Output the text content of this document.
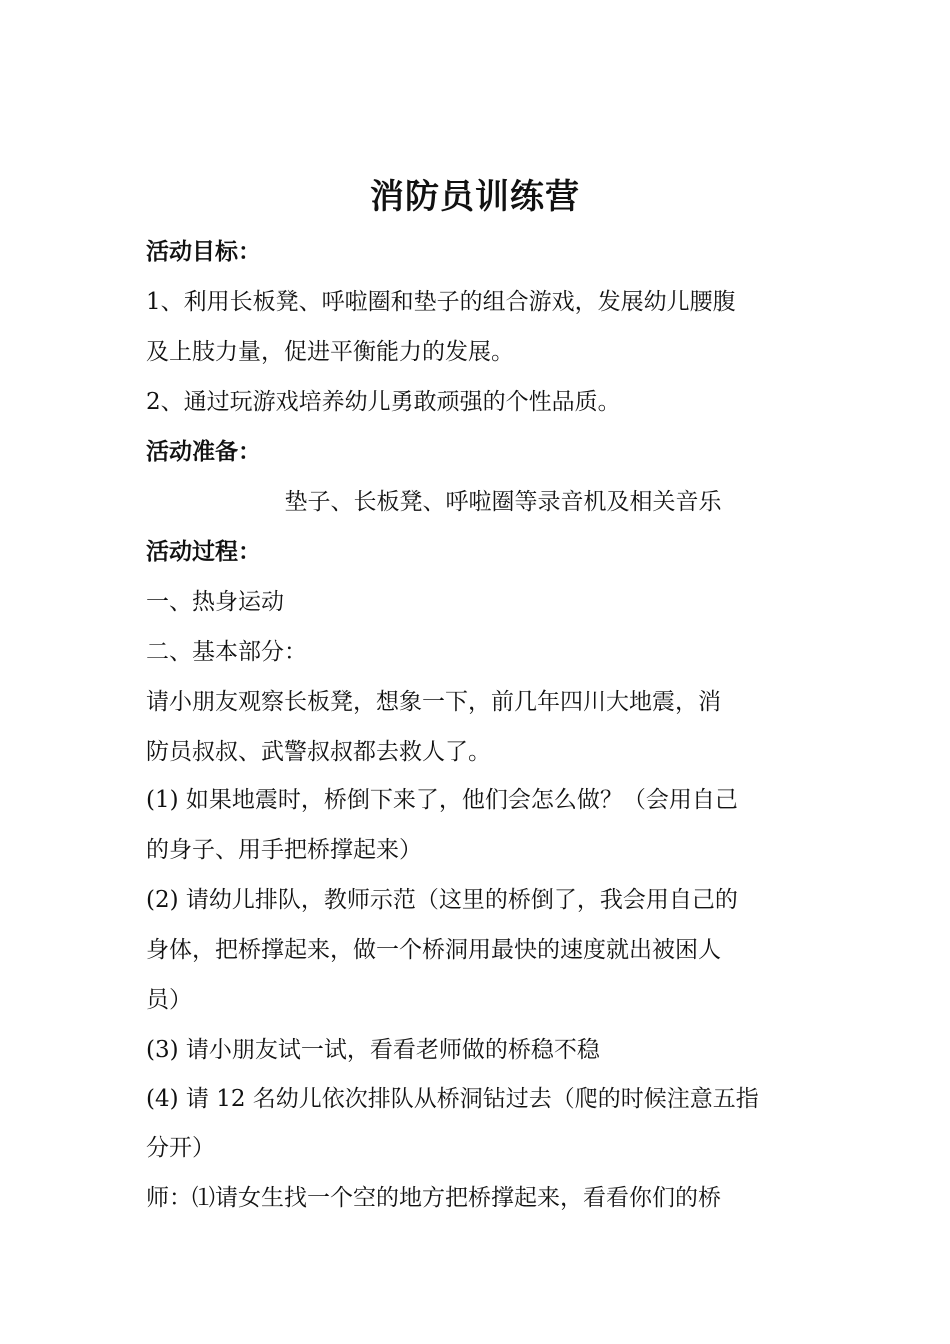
消防员训练营
活动目标：
1、利用长板凳、呼啦圈和垫子的组合游戏，发展幼儿腰腹
及上肢力量，促进平衡能力的发展。
2、通过玩游戏培养幼儿勇敢顽强的个性品质。
活动准备：
垫子、长板凳、呼啦圈等录音机及相关音乐
活动过程：
一、热身运动
二、基本部分：
请小朋友观察长板凳，想象一下，前几年四川大地震，消
防员叔叔、武警叔叔都去救人了。
(1) 如果地震时，桥倒下来了，他们会怎么做？（会用自己
的身子、用手把桥撑起来）
(2) 请幼儿排队，教师示范（这里的桥倒了，我会用自己的
身体，把桥撑起来，做一个桥洞用最快的速度就出被困人
员）
(3) 请小朋友试一试，看看老师做的桥稳不稳
(4) 请 12 名幼儿依次排队从桥洞钻过去（爬的时候注意五指
分开）
师：⑴请女生找一个空的地方把桥撑起来，看看你们的桥
